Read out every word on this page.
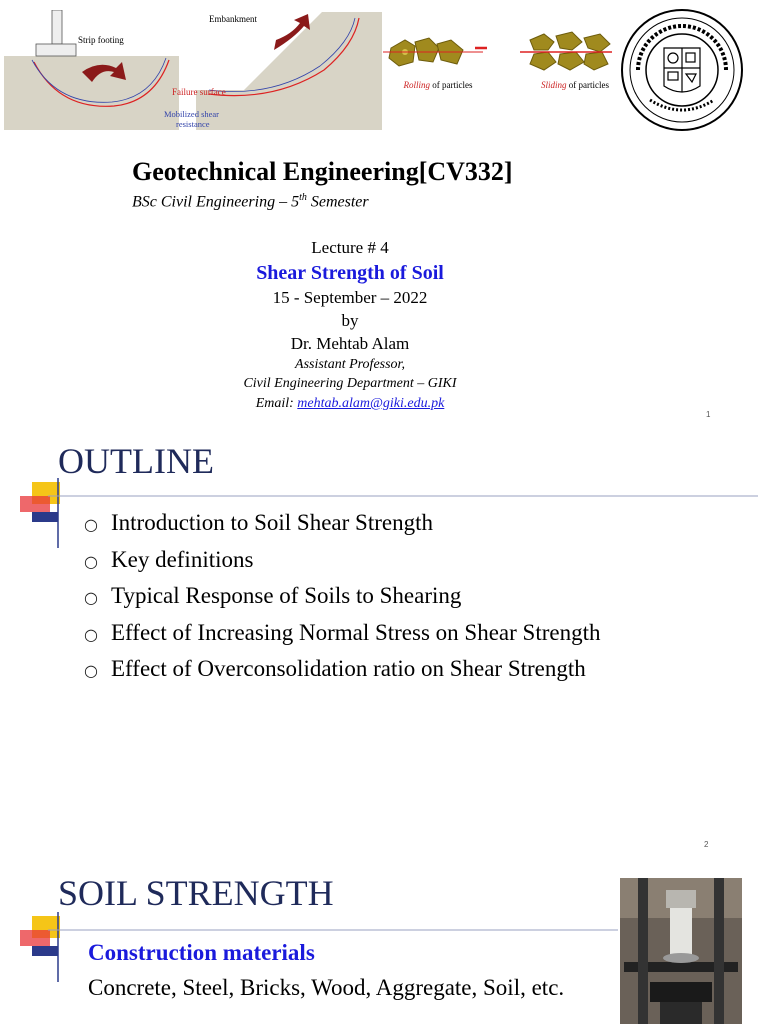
Strip footing
Embankment
Failure surface
Mobilized shear
resistance
Rolling of particles	Sliding of particles
Geotechnical Engineering[CV332]
BSc Civil Engineering – 5th Semester
Lecture # 4
Shear Strength of Soil
15 - September – 2022
by
Dr. Mehtab Alam
Assistant Professor,
Civil Engineering Department – GIKI
Email: mehtab.alam@giki.edu.pk
1
OUTLINE
○ Introduction to Soil Shear Strength
○ Key definitions
○ Typical Response of Soils to Shearing
○ Effect of Increasing Normal Stress on Shear Strength
○ Effect of Overconsolidation ratio on Shear Strength
2
SOIL STRENGTH
Construction materials
Concrete, Steel, Bricks, Wood, Aggregate, Soil, etc.
